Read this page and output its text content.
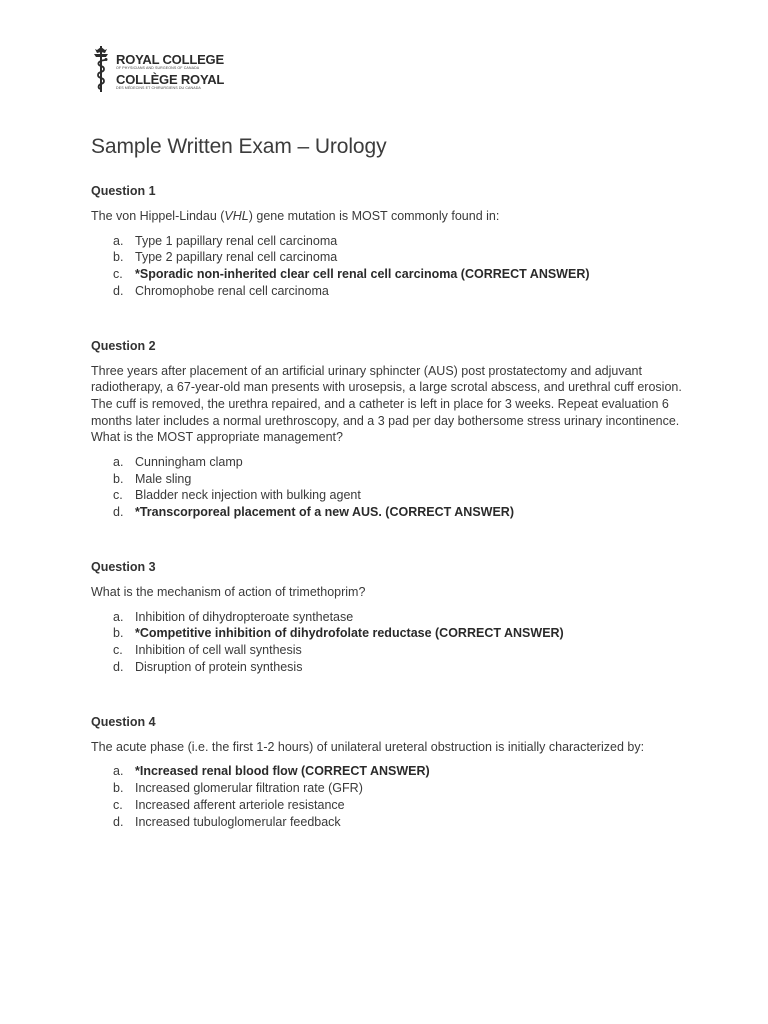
ROYAL COLLEGE
OF PHYSICIANS AND SURGEONS OF CANADA
COLLÈGE ROYAL
DES MÉDECINS ET CHIRURGIENS DU CANADA
Sample Written Exam – Urology
Question 1
The von Hippel-Lindau (VHL) gene mutation is MOST commonly found in:
a. Type 1 papillary renal cell carcinoma
b. Type 2 papillary renal cell carcinoma
c. *Sporadic non-inherited clear cell renal cell carcinoma (CORRECT ANSWER)
d. Chromophobe renal cell carcinoma
Question 2
Three years after placement of an artificial urinary sphincter (AUS) post prostatectomy and adjuvant radiotherapy, a 67-year-old man presents with urosepsis, a large scrotal abscess, and urethral cuff erosion. The cuff is removed, the urethra repaired, and a catheter is left in place for 3 weeks. Repeat evaluation 6 months later includes a normal urethroscopy, and a 3 pad per day bothersome stress urinary incontinence. What is the MOST appropriate management?
a. Cunningham clamp
b. Male sling
c. Bladder neck injection with bulking agent
d. *Transcorporeal placement of a new AUS. (CORRECT ANSWER)
Question 3
What is the mechanism of action of trimethoprim?
a. Inhibition of dihydropteroate synthetase
b. *Competitive inhibition of dihydrofolate reductase (CORRECT ANSWER)
c. Inhibition of cell wall synthesis
d. Disruption of protein synthesis
Question 4
The acute phase (i.e. the first 1-2 hours) of unilateral ureteral obstruction is initially characterized by:
a. *Increased renal blood flow (CORRECT ANSWER)
b. Increased glomerular filtration rate (GFR)
c. Increased afferent arteriole resistance
d. Increased tubuloglomerular feedback
